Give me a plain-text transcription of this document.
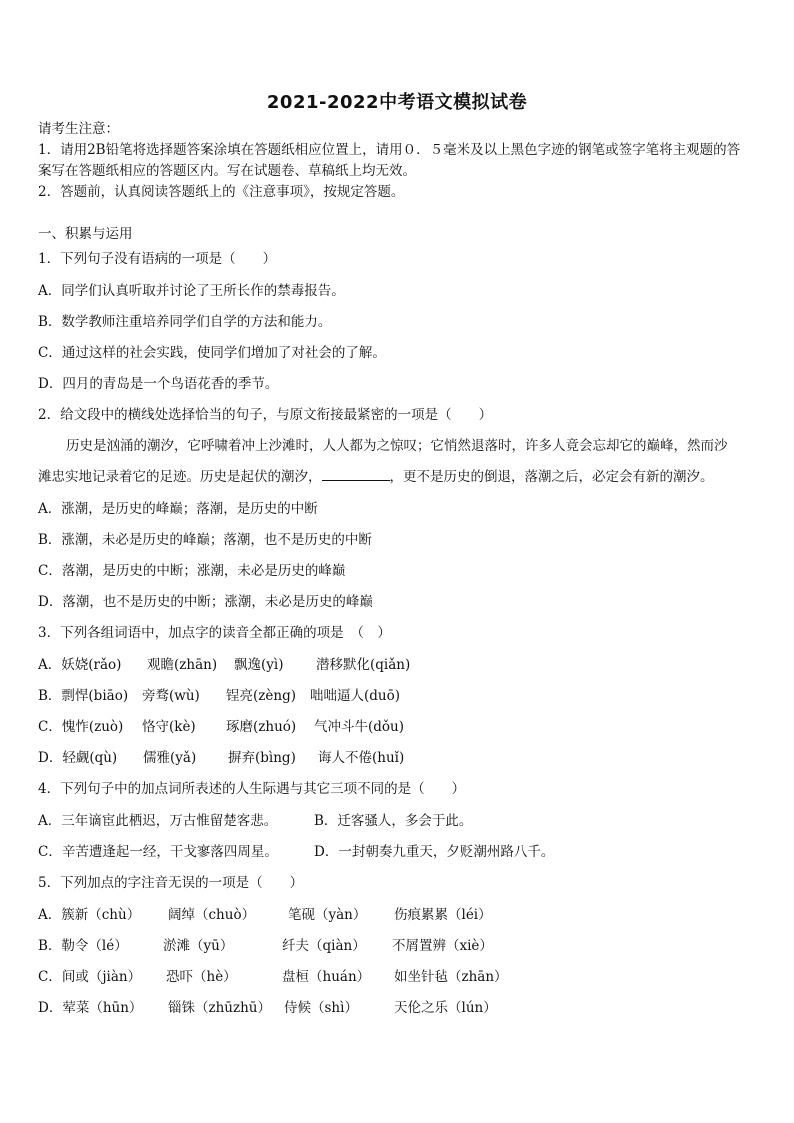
2021-2022中考语文模拟试卷
请考生注意：
1．请用2B铅笔将选择题答案涂填在答题纸相应位置上，请用０．５毫米及以上黑色字迹的钢笔或签字笔将主观题的答
案写在答题纸相应的答题区内。写在试题卷、草稿纸上均无效。
2．答题前，认真阅读答题纸上的《注意事项》，按规定答题。
一、积累与运用
1．下列句子没有语病的一项是（　　）
A．同学们认真听取并讨论了王所长作的禁毒报告。
B．数学教师注重培养同学们自学的方法和能力。
C．通过这样的社会实践，使同学们增加了对社会的了解。
D．四月的青岛是一个鸟语花香的季节。
2．给文段中的横线处选择恰当的句子，与原文衔接最紧密的一项是（　　）
历史是汹涌的潮汐，它呼啸着冲上沙滩时，人人都为之惊叹；它悄然退落时，许多人竟会忘却它的巅峰，然而沙
滩忠实地记录着它的足迹。历史是起伏的潮汐，	，更不是历史的倒退，落潮之后，必定会有新的潮汐。
A．涨潮，是历史的峰巅；落潮，是历史的中断
B．涨潮，未必是历史的峰巅；落潮，也不是历史的中断
C．落潮，是历史的中断；涨潮，未必是历史的峰巅
D．落潮，也不是历史的中断；涨潮，未必是历史的峰巅
3．下列各组词语中，加点字的读音全都正确的项是　（　）
A．妖娆(rǎo) 观瞻(zhān) 飘逸(yì) 潜移默化(qiǎn)
B．剽悍(biāo) 旁骛(wù) 锃亮(zèng) 咄咄逼人(duō)
C．愧怍(zuò) 恪守(kè) 琢磨(zhuó) 气冲斗牛(dǒu)
D．轻觑(qù) 儒雅(yǎ) 摒弃(bìng) 诲人不倦(huǐ)
4．下列句子中的加点词所表述的人生际遇与其它三项不同的是（　　）
A．三年谪宦此栖迟，万古惟留楚客悲。	B．迁客骚人，多会于此。
C．辛苦遭逢起一经，干戈寥落四周星。	D．一封朝奏九重天，夕贬潮州路八千。
5．下列加点的字注音无误的一项是（　　）
A．簇新（chù） 阔绰（chuò） 笔砚（yàn） 伤痕累累（léi）
B．勒令（lé）	淤滩（yū）	纤夫（qiàn） 不屑置辨（xiè）
C．间或（jiàn） 恐吓（hè）	盘桓（huán） 如坐针毡（zhān）
D．荤菜（hūn） 锱铢（zhūzhū） 侍候（shì）	天伦之乐（lún）
